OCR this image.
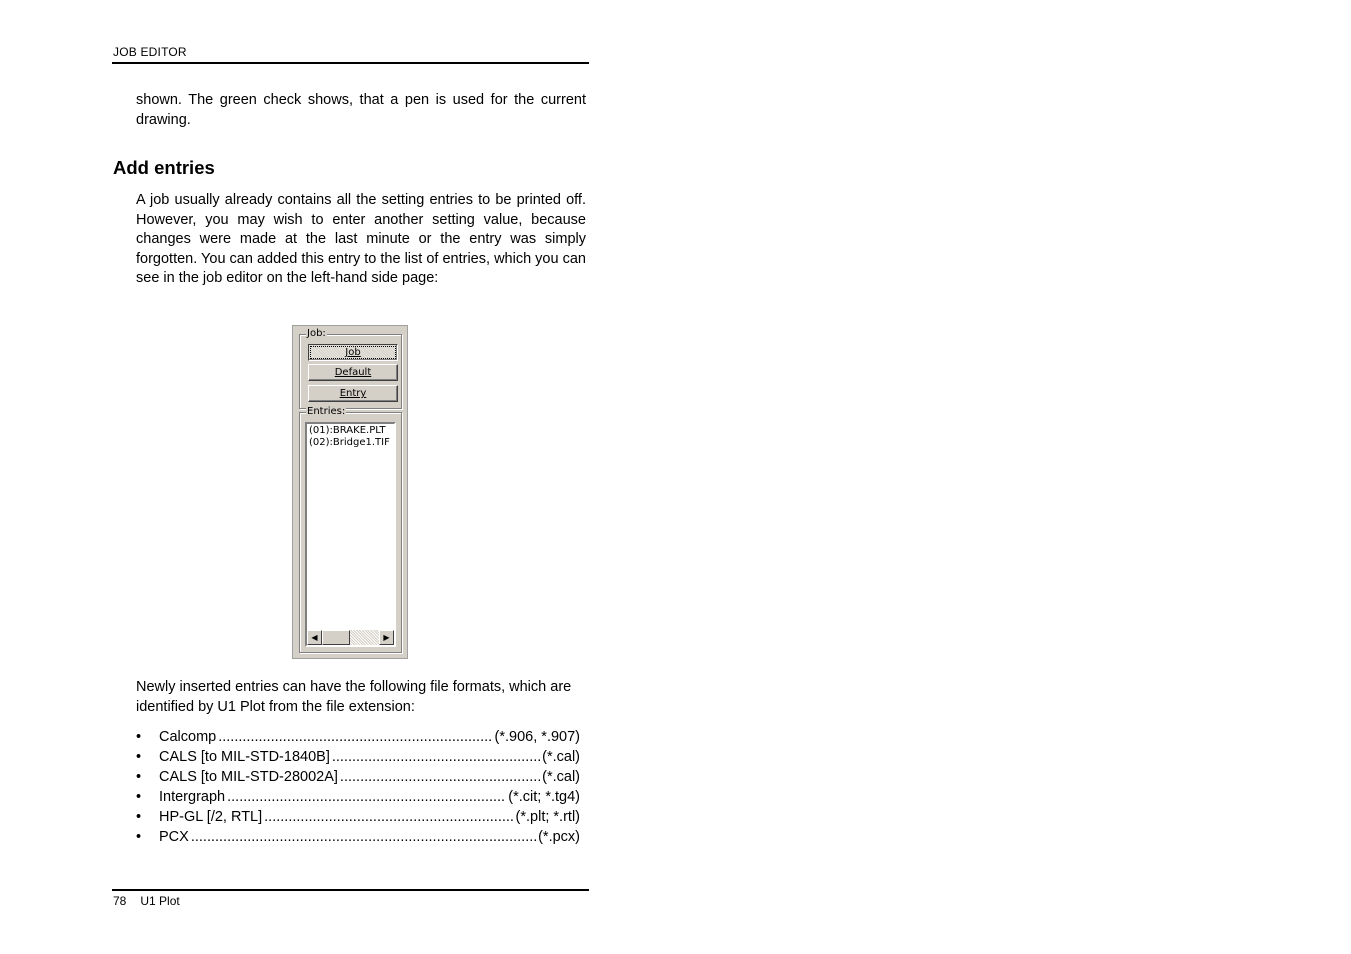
JOB EDITOR

shown. The green check shows, that a pen is used for the current drawing.

Add entries

A job usually already contains all the setting entries to be printed off. However, you may wish to enter another setting value, because changes were made at the last minute or the entry was simply forgotten. You can added this entry to the list of entries, which you can see in the job editor on the left-hand side page:

Job:
Job
Default
Entry
Entries:
(01):BRAKE.PLT
(02):Bridge1.TIF
◀	▶

Newly inserted entries can have the following file formats, which are identified by U1 Plot from the file extension:

•	Calcomp .....	(*.906, *.907)
•	CALS [to MIL-STD-1840B] .....	(*.cal)
•	CALS [to MIL-STD-28002A] .....	(*.cal)
•	Intergraph .....	(*.cit; *.tg4)
•	HP-GL [/2, RTL] .....	(*.plt; *.rtl)
•	PCX .....	(*.pcx)
78 U1 Plot
